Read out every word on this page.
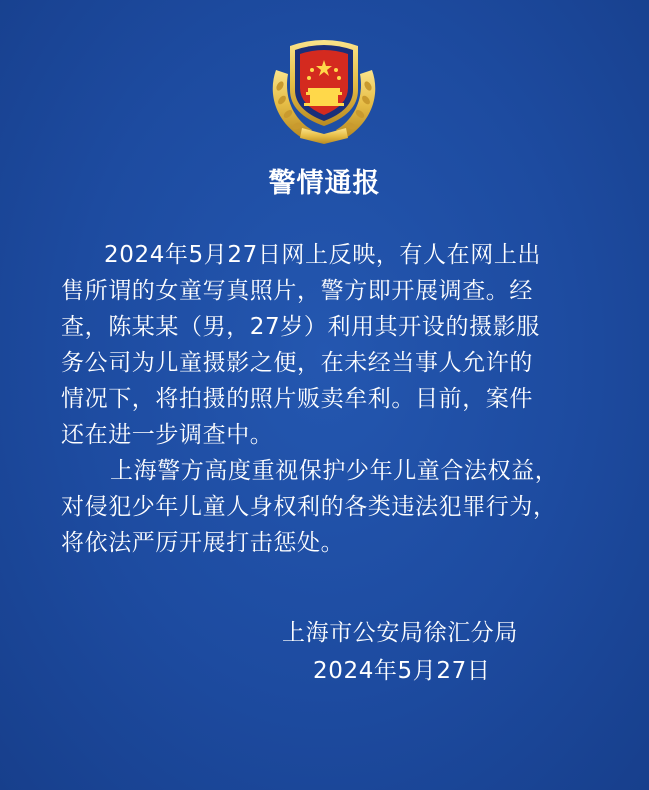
警情通报
2024年5月27日网上反映，有人在网上出
售所谓的女童写真照片，警方即开展调查。经
查，陈某某（男，27岁）利用其开设的摄影服
务公司为儿童摄影之便，在未经当事人允许的
情况下，将拍摄的照片贩卖牟利。目前，案件
还在进一步调查中。
上海警方高度重视保护少年儿童合法权益，
对侵犯少年儿童人身权利的各类违法犯罪行为，
将依法严厉开展打击惩处。
上海市公安局徐汇分局
2024年5月27日
